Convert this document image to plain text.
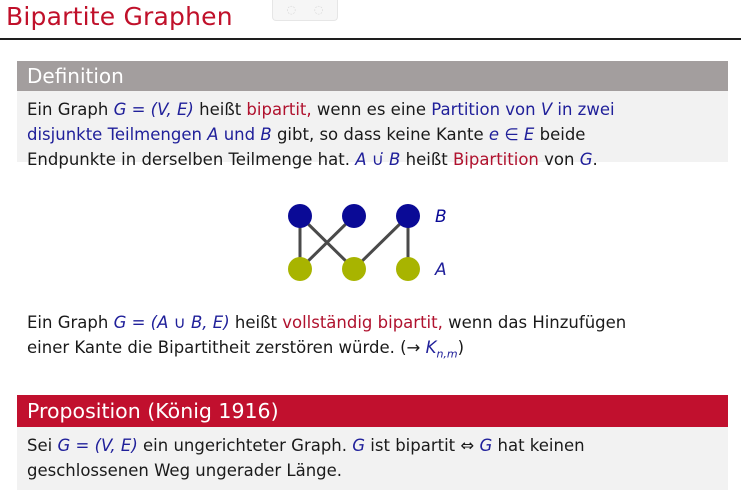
Bipartite Graphen	◌	◌
Definition
Ein Graph G = (V, E) heißt bipartit, wenn es eine Partition von V in zwei
disjunkte Teilmengen A und B gibt, so dass keine Kante e ∈ E beide
Endpunkte in derselben Teilmenge hat. A ∪̇ B heißt Bipartition von G.
B
A
Ein Graph G = (A ∪ B, E) heißt vollständig bipartit, wenn das Hinzufügen
einer Kante die Bipartitheit zerstören würde. (→ $K_{n,m}$)
Proposition (König 1916)
Sei G = (V, E) ein ungerichteter Graph. G ist bipartit ⇔ G hat keinen
geschlossenen Weg ungerader Länge.
